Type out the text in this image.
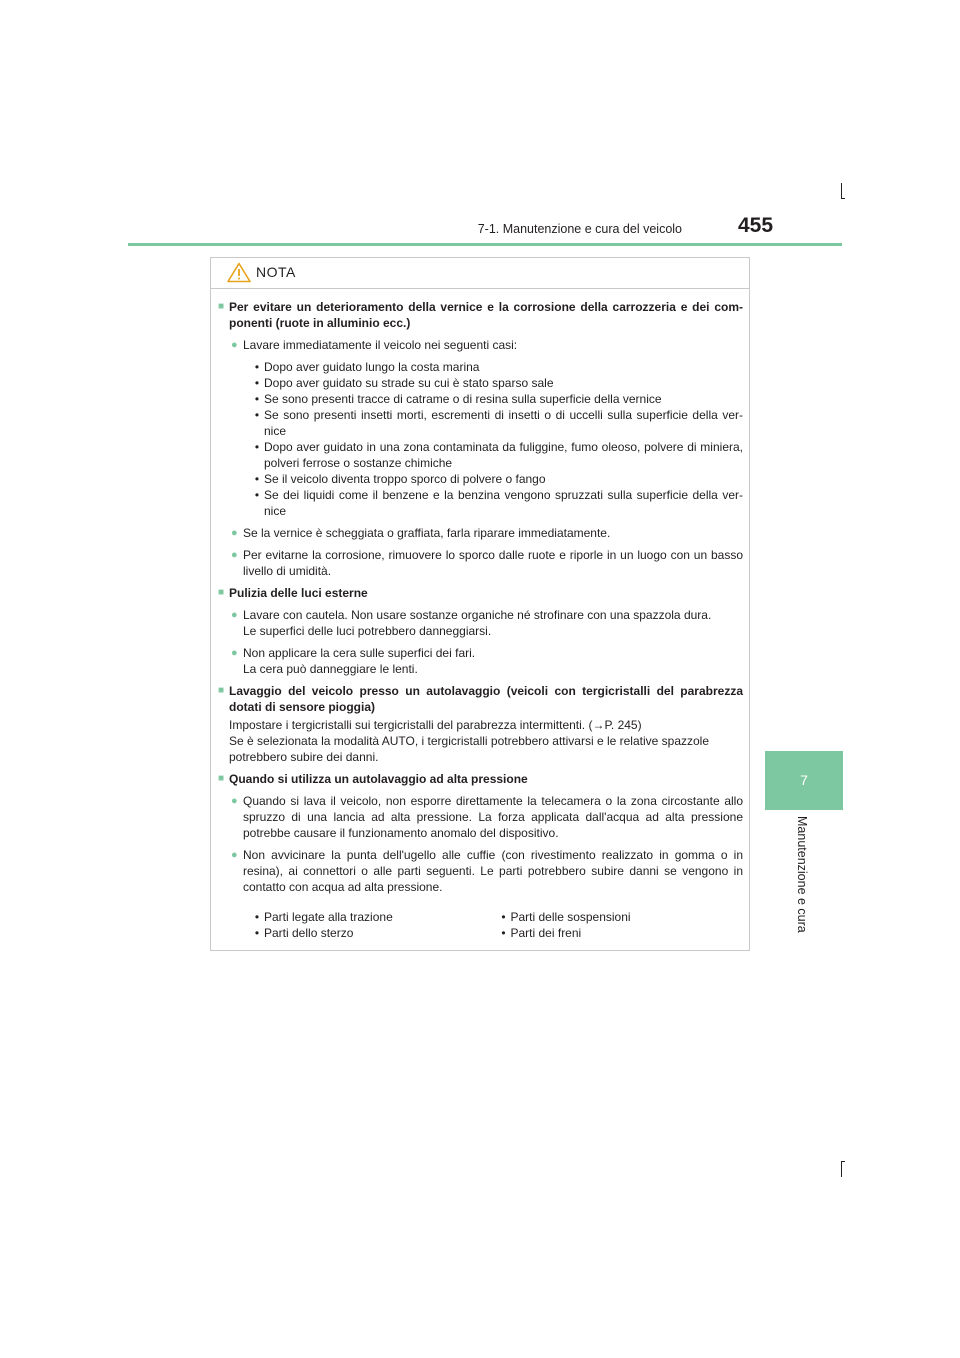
7-1. Manutenzione e cura del veicolo	455
7
Manutenzione e cura
NOTA
■ Per evitare un deterioramento della vernice e la corrosione della carrozzeria e dei com-ponenti (ruote in alluminio ecc.)
● Lavare immediatamente il veicolo nei seguenti casi:
• Dopo aver guidato lungo la costa marina
• Dopo aver guidato su strade su cui è stato sparso sale
• Se sono presenti tracce di catrame o di resina sulla superficie della vernice
• Se sono presenti insetti morti, escrementi di insetti o di uccelli sulla superficie della ver-nice
• Dopo aver guidato in una zona contaminata da fuliggine, fumo oleoso, polvere di miniera, polveri ferrose o sostanze chimiche
• Se il veicolo diventa troppo sporco di polvere o fango
• Se dei liquidi come il benzene e la benzina vengono spruzzati sulla superficie della ver-nice
● Se la vernice è scheggiata o graffiata, farla riparare immediatamente.
● Per evitarne la corrosione, rimuovere lo sporco dalle ruote e riporle in un luogo con un basso livello di umidità.
■ Pulizia delle luci esterne
● Lavare con cautela. Non usare sostanze organiche né strofinare con una spazzola dura.
Le superfici delle luci potrebbero danneggiarsi.
● Non applicare la cera sulle superfici dei fari.
La cera può danneggiare le lenti.
■ Lavaggio del veicolo presso un autolavaggio (veicoli con tergicristalli del parabrezza dotati di sensore pioggia)
Impostare i tergicristalli sui tergicristalli del parabrezza intermittenti. (→P. 245)
Se è selezionata la modalità AUTO, i tergicristalli potrebbero attivarsi e le relative spazzole potrebbero subire dei danni.
■ Quando si utilizza un autolavaggio ad alta pressione
● Quando si lava il veicolo, non esporre direttamente la telecamera o la zona circostante allo spruzzo di una lancia ad alta pressione. La forza applicata dall'acqua ad alta pressione potrebbe causare il funzionamento anomalo del dispositivo.
● Non avvicinare la punta dell'ugello alle cuffie (con rivestimento realizzato in gomma o in resina), ai connettori o alle parti seguenti. Le parti potrebbero subire danni se vengono in contatto con acqua ad alta pressione.
• Parti legate alla trazione
• Parti dello sterzo
• Parti delle sospensioni
• Parti dei freni
